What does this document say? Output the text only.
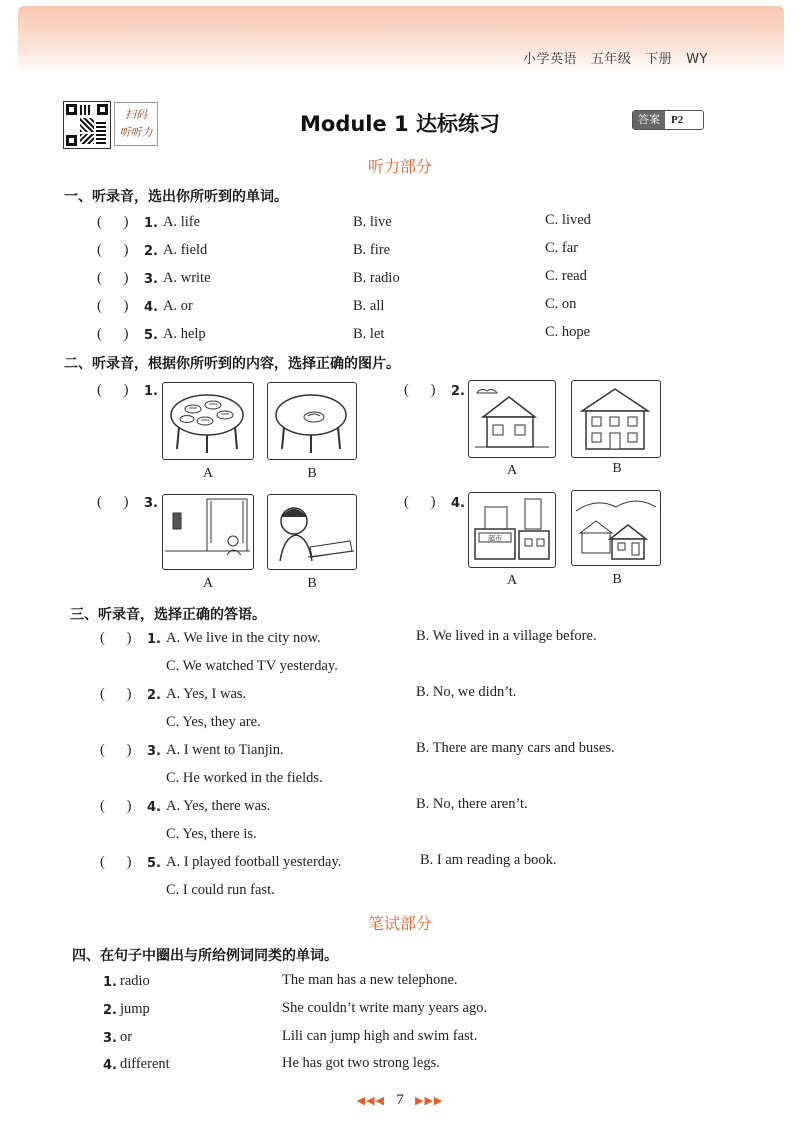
小学英语   五年级   下册   WY
扫码
听听力	Module 1 达标练习	答案	P2
听力部分
一、听录音，选出你所听到的单词。
(      ) 1. A. life	B. live	C. lived
(      ) 2. A. field	B. fire	C. far
(      ) 3. A. write	B. radio	C. read
(      ) 4. A. or	B. all	C. on
(      ) 5. A. help	B. let	C. hope
二、听录音，根据你所听到的内容，选择正确的图片。
(      ) 1.
A	B
(      ) 2.
A	B
(      ) 3.
A	B
(      ) 4.
超市
A	B
三、听录音，选择正确的答语。
(      ) 1. A. We live in the city now.	B. We lived in a village before.
C. We watched TV yesterday.
(      ) 2. A. Yes, I was.	B. No, we didn’t.
C. Yes, they are.
(      ) 3. A. I went to Tianjin.	B. There are many cars and buses.
C. He worked in the fields.
(      ) 4. A. Yes, there was.	B. No, there aren’t.
C. Yes, there is.
(      ) 5. A. I played football yesterday.	B. I am reading a book.
C. I could run fast.
笔试部分
四、在句子中圈出与所给例词同类的单词。
1. radio	The man has a new telephone.
2. jump	She couldn’t write many years ago.
3. or	Lili can jump high and swim fast.
4. different	He has got two strong legs.
◀◀◀ 7 ▶▶▶
